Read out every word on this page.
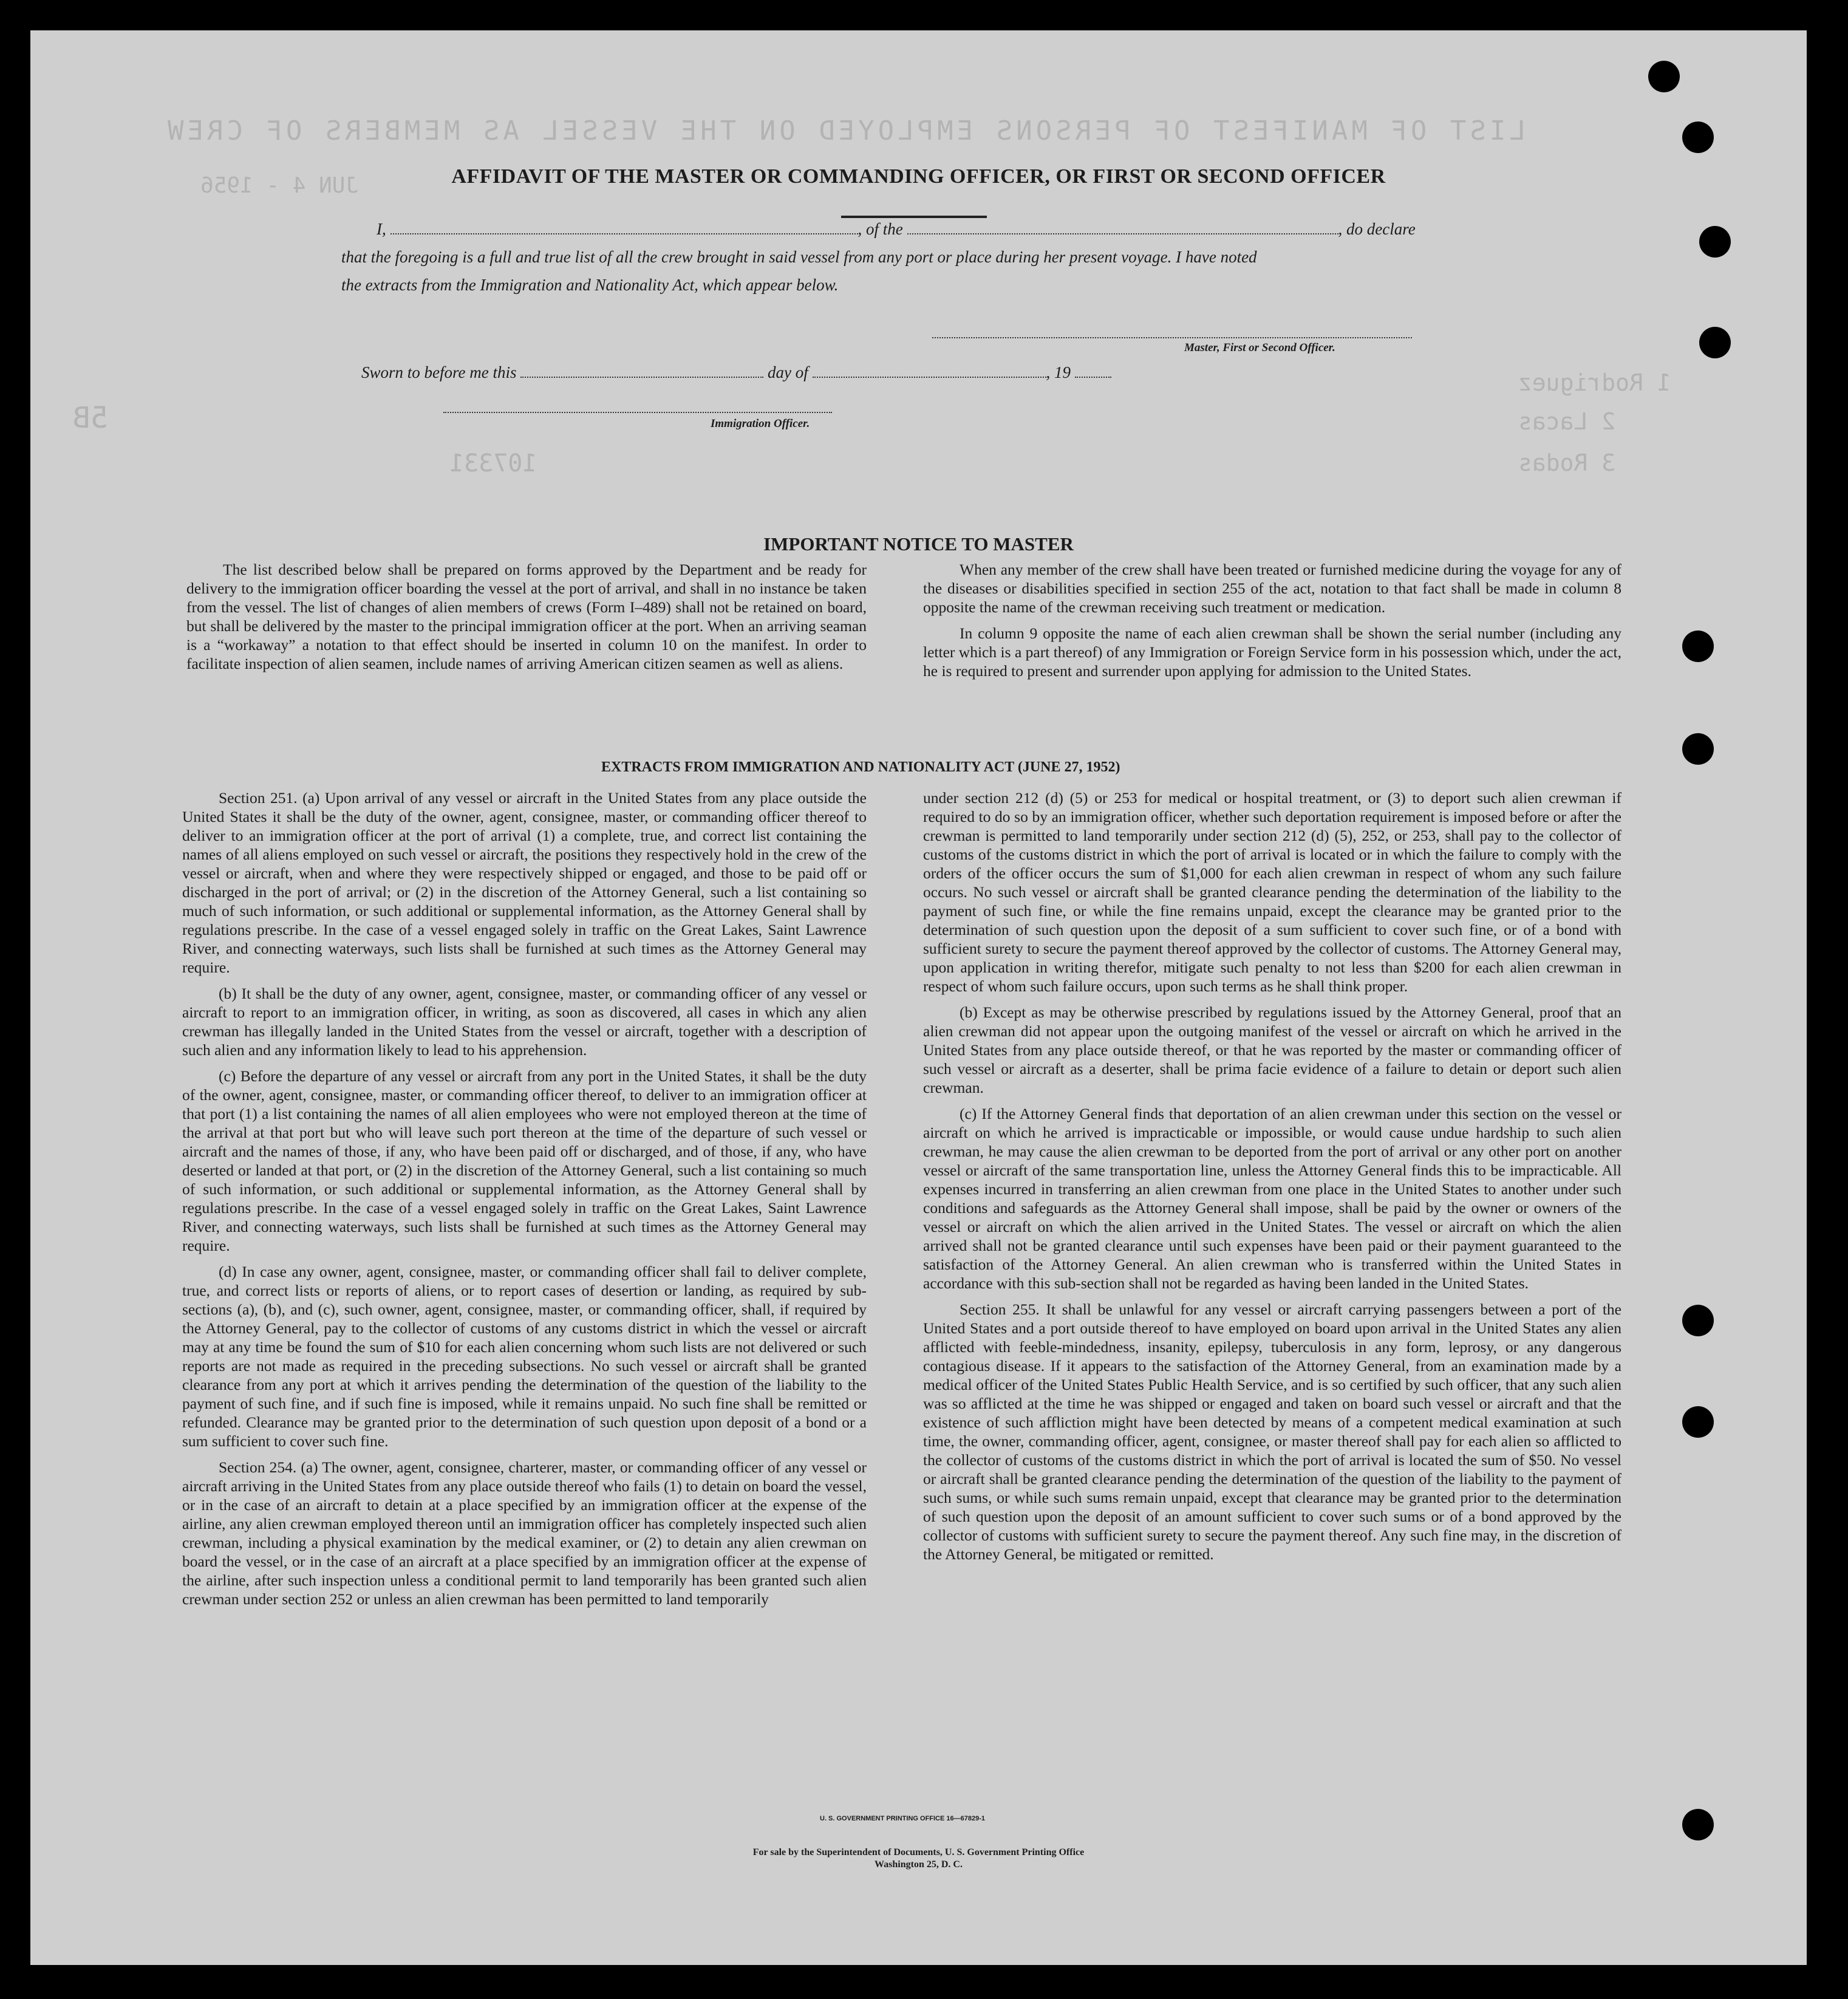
LIST OF MANIFEST OF PERSONS EMPLOYED ON THE VESSEL AS MEMBERS OF CREW
JUN 4 - 1956
107331
1 Rodriguez
2 Lacas
3 Rodas
5B
AFFIDAVIT OF THE MASTER OR COMMANDING OFFICER, OR FIRST OR SECOND OFFICER
I,	, of the	, do declare
that the foregoing is a full and true list of all the crew brought in said vessel from any port or place during her present voyage. I have noted
the extracts from the Immigration and Nationality Act, which appear below.
Master, First or Second Officer.
Sworn to before me this	day of	, 19
Immigration Officer.
IMPORTANT NOTICE TO MASTER

The list described below shall be prepared on forms approved by the Department and be ready for delivery to the immigration officer boarding the vessel at the port of arrival, and shall in no instance be taken from the vessel. The list of changes of alien members of crews (Form I–489) shall not be retained on board, but shall be delivered by the master to the principal immigration officer at the port. When an arriving seaman is a “workaway” a notation to that effect should be inserted in column 10 on the manifest. In order to facilitate inspection of alien seamen, include names of arriving American citizen seamen as well as aliens.

When any member of the crew shall have been treated or furnished medicine during the voyage for any of the diseases or disabilities specified in section 255 of the act, notation to that fact shall be made in column 8 opposite the name of the crewman receiving such treatment or medication.

In column 9 opposite the name of each alien crewman shall be shown the serial number (including any letter which is a part thereof) of any Immigration or Foreign Service form in his possession which, under the act, he is required to present and surrender upon applying for admission to the United States.

EXTRACTS FROM IMMIGRATION AND NATIONALITY ACT (JUNE 27, 1952)

Section 251. (a) Upon arrival of any vessel or aircraft in the United States from any place outside the United States it shall be the duty of the owner, agent, consignee, master, or commanding officer thereof to deliver to an immigration officer at the port of arrival (1) a complete, true, and correct list containing the names of all aliens employed on such vessel or aircraft, the positions they respectively hold in the crew of the vessel or aircraft, when and where they were respectively shipped or engaged, and those to be paid off or discharged in the port of arrival; or (2) in the discretion of the Attorney General, such a list containing so much of such information, or such additional or supplemental information, as the Attorney General shall by regulations prescribe. In the case of a vessel engaged solely in traffic on the Great Lakes, Saint Lawrence River, and connecting waterways, such lists shall be furnished at such times as the Attorney General may require.

(b) It shall be the duty of any owner, agent, consignee, master, or commanding officer of any vessel or aircraft to report to an immigration officer, in writing, as soon as discovered, all cases in which any alien crewman has illegally landed in the United States from the vessel or aircraft, together with a description of such alien and any information likely to lead to his apprehension.

(c) Before the departure of any vessel or aircraft from any port in the United States, it shall be the duty of the owner, agent, consignee, master, or commanding officer thereof, to deliver to an immigration officer at that port (1) a list containing the names of all alien employees who were not employed thereon at the time of the arrival at that port but who will leave such port thereon at the time of the departure of such vessel or aircraft and the names of those, if any, who have been paid off or discharged, and of those, if any, who have deserted or landed at that port, or (2) in the discretion of the Attorney General, such a list containing so much of such information, or such additional or supplemental information, as the Attorney General shall by regulations prescribe. In the case of a vessel engaged solely in traffic on the Great Lakes, Saint Lawrence River, and connecting waterways, such lists shall be furnished at such times as the Attorney General may require.

(d) In case any owner, agent, consignee, master, or commanding officer shall fail to deliver complete, true, and correct lists or reports of aliens, or to report cases of desertion or landing, as required by sub-sections (a), (b), and (c), such owner, agent, consignee, master, or commanding officer, shall, if required by the Attorney General, pay to the collector of customs of any customs district in which the vessel or aircraft may at any time be found the sum of $10 for each alien concerning whom such lists are not delivered or such reports are not made as required in the preceding subsections. No such vessel or aircraft shall be granted clearance from any port at which it arrives pending the determination of the question of the liability to the payment of such fine, and if such fine is imposed, while it remains unpaid. No such fine shall be remitted or refunded. Clearance may be granted prior to the determination of such question upon deposit of a bond or a sum sufficient to cover such fine.

Section 254. (a) The owner, agent, consignee, charterer, master, or commanding officer of any vessel or aircraft arriving in the United States from any place outside thereof who fails (1) to detain on board the vessel, or in the case of an aircraft to detain at a place specified by an immigration officer at the expense of the airline, any alien crewman employed thereon until an immigration officer has completely inspected such alien crewman, including a physical examination by the medical examiner, or (2) to detain any alien crewman on board the vessel, or in the case of an aircraft at a place specified by an immigration officer at the expense of the airline, after such inspection unless a conditional permit to land temporarily has been granted such alien crewman under section 252 or unless an alien crewman has been permitted to land temporarily

under section 212 (d) (5) or 253 for medical or hospital treatment, or (3) to deport such alien crewman if required to do so by an immigration officer, whether such deportation requirement is imposed before or after the crewman is permitted to land temporarily under section 212 (d) (5), 252, or 253, shall pay to the collector of customs of the customs district in which the port of arrival is located or in which the failure to comply with the orders of the officer occurs the sum of $1,000 for each alien crewman in respect of whom any such failure occurs. No such vessel or aircraft shall be granted clearance pending the determination of the liability to the payment of such fine, or while the fine remains unpaid, except the clearance may be granted prior to the determination of such question upon the deposit of a sum sufficient to cover such fine, or of a bond with sufficient surety to secure the payment thereof approved by the collector of customs. The Attorney General may, upon application in writing therefor, mitigate such penalty to not less than $200 for each alien crewman in respect of whom such failure occurs, upon such terms as he shall think proper.

(b) Except as may be otherwise prescribed by regulations issued by the Attorney General, proof that an alien crewman did not appear upon the outgoing manifest of the vessel or aircraft on which he arrived in the United States from any place outside thereof, or that he was reported by the master or commanding officer of such vessel or aircraft as a deserter, shall be prima facie evidence of a failure to detain or deport such alien crewman.

(c) If the Attorney General finds that deportation of an alien crewman under this section on the vessel or aircraft on which he arrived is impracticable or impossible, or would cause undue hardship to such alien crewman, he may cause the alien crewman to be deported from the port of arrival or any other port on another vessel or aircraft of the same transportation line, unless the Attorney General finds this to be impracticable. All expenses incurred in transferring an alien crewman from one place in the United States to another under such conditions and safeguards as the Attorney General shall impose, shall be paid by the owner or owners of the vessel or aircraft on which the alien arrived in the United States. The vessel or aircraft on which the alien arrived shall not be granted clearance until such expenses have been paid or their payment guaranteed to the satisfaction of the Attorney General. An alien crewman who is transferred within the United States in accordance with this sub-section shall not be regarded as having been landed in the United States.

Section 255. It shall be unlawful for any vessel or aircraft carrying passengers between a port of the United States and a port outside thereof to have employed on board upon arrival in the United States any alien afflicted with feeble-mindedness, insanity, epilepsy, tuberculosis in any form, leprosy, or any dangerous contagious disease. If it appears to the satisfaction of the Attorney General, from an examination made by a medical officer of the United States Public Health Service, and is so certified by such officer, that any such alien was so afflicted at the time he was shipped or engaged and taken on board such vessel or aircraft and that the existence of such affliction might have been detected by means of a competent medical examination at such time, the owner, commanding officer, agent, consignee, or master thereof shall pay for each alien so afflicted to the collector of customs of the customs district in which the port of arrival is located the sum of $50. No vessel or aircraft shall be granted clearance pending the determination of the question of the liability to the payment of such sums, or while such sums remain unpaid, except that clearance may be granted prior to the determination of such question upon the deposit of an amount sufficient to cover such sums or of a bond approved by the collector of customs with sufficient surety to secure the payment thereof. Any such fine may, in the discretion of the Attorney General, be mitigated or remitted.

U. S. GOVERNMENT PRINTING OFFICE 16—67829-1
For sale by the Superintendent of Documents, U. S. Government Printing Office
Washington 25, D. C.
